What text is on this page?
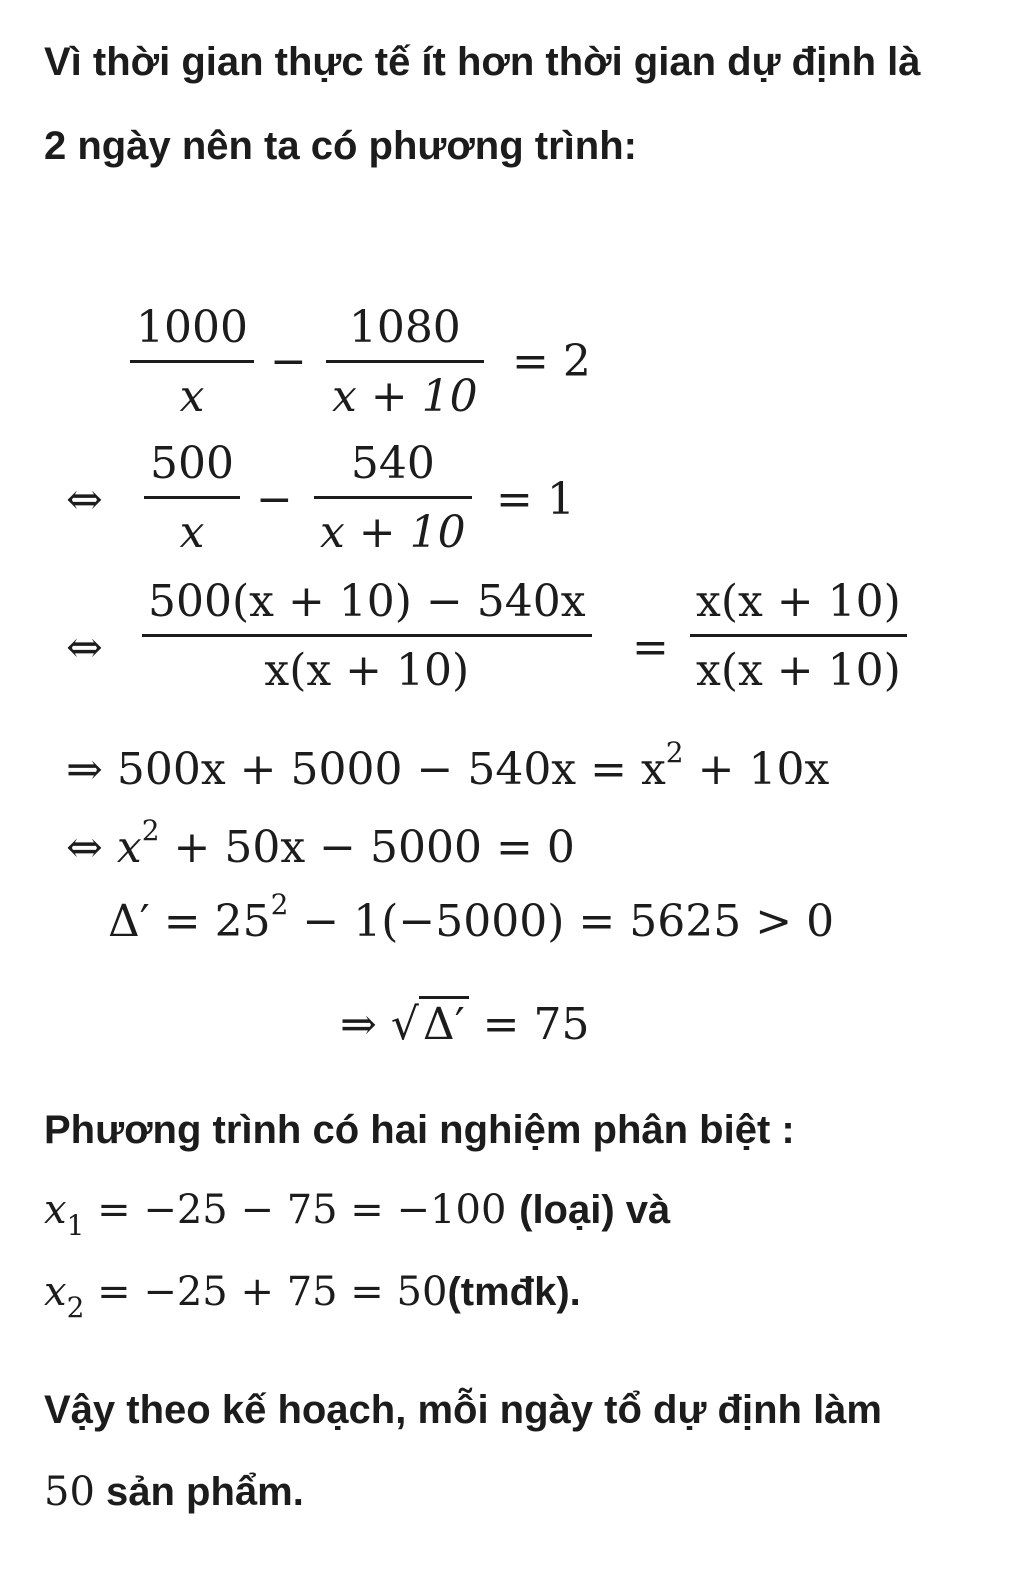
Vì thời gian thực tế ít hơn thời gian dự định là
2 ngày nên ta có phương trình:
1000
x
−
1080
x + 10
= 2
⇔
500
x
−
540
x + 10
= 1
⇔
500(x + 10) − 540x
x(x + 10)	=
x(x + 10)
x(x + 10)
⇒ $500x + 5000 - 540x = x^2 + 10x$
⇔ $x^2 + 50x - 5000 = 0$
$\Delta' = 25^2 - 1(-5000) = 5625 > 0$
⇒ √Δ′ = 75
Phương trình có hai nghiệm phân biệt :
$x_1 = -25 - 75 = -100$ (loại) và
$x_2 = -25 + 75$ = 50(tmđk).
Vậy theo kế hoạch, mỗi ngày tổ dự định làm
50 sản phẩm.
